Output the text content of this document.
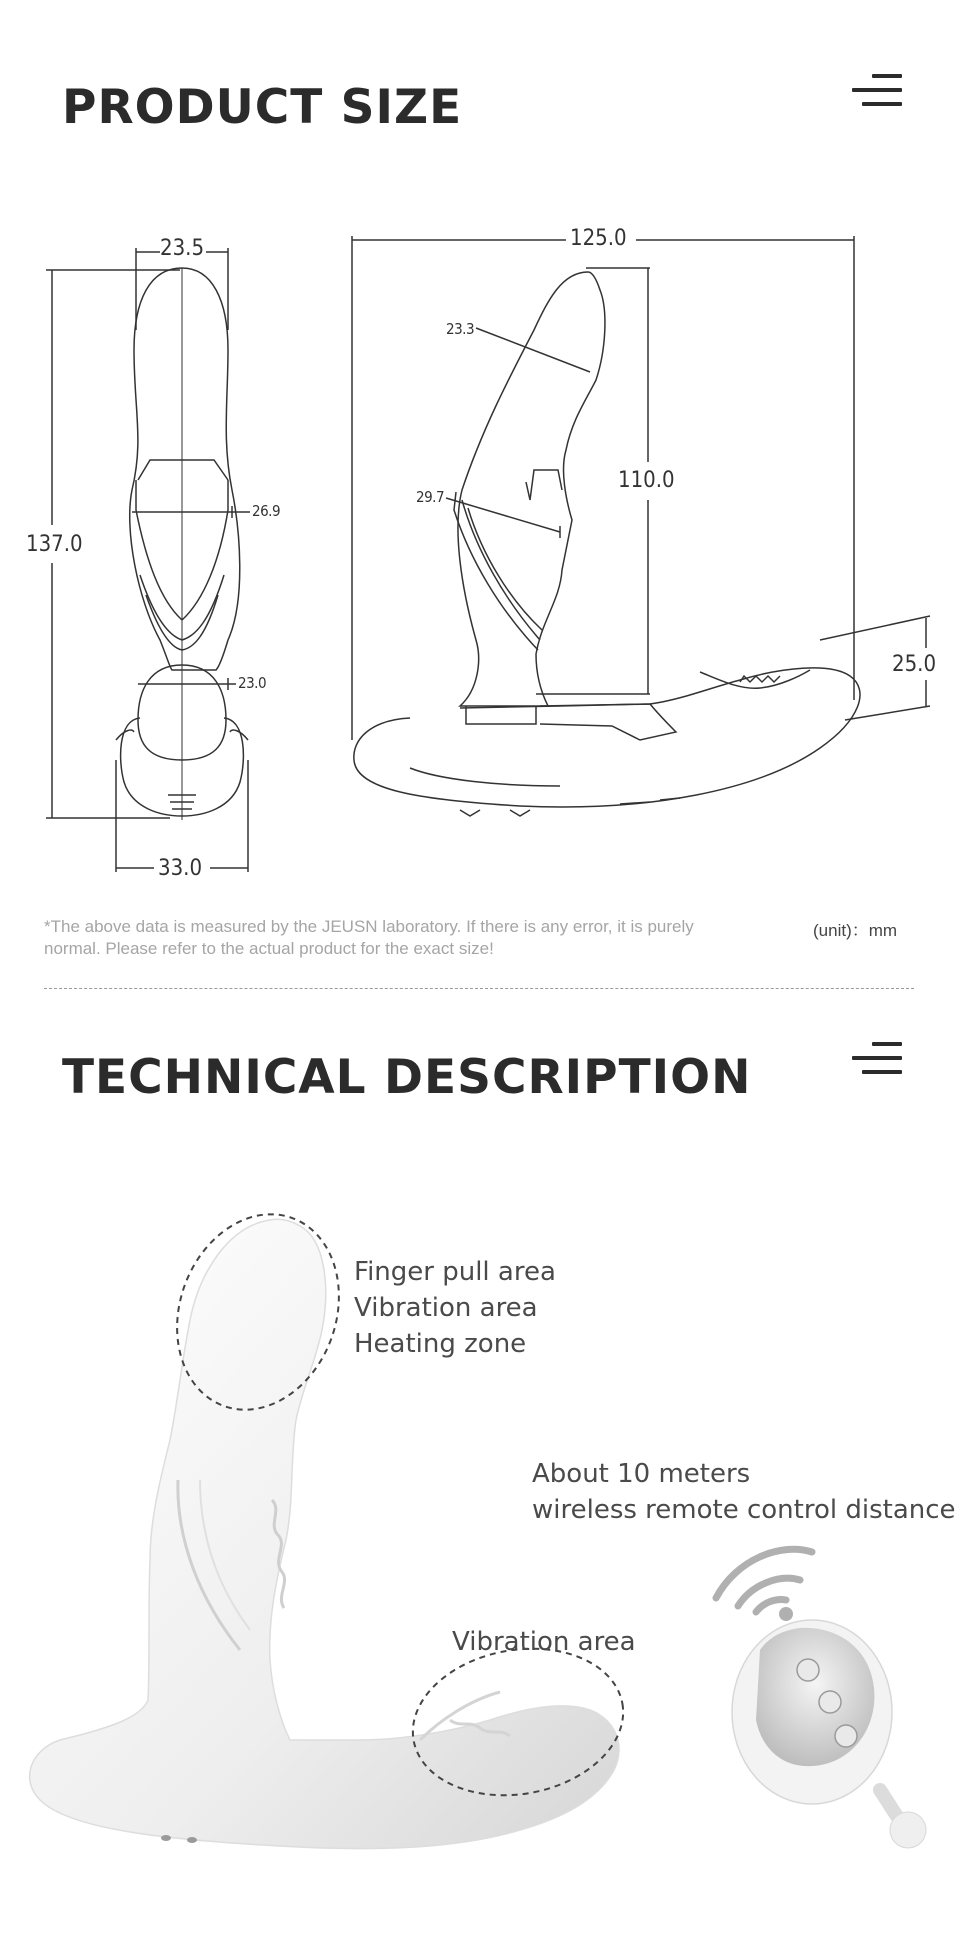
PRODUCT SIZE
23.5
137.0
26.9
23.0
33.0
125.0
23.3
110.0
29.7
25.0
*The above data is measured by the JEUSN laboratory. If there is any error, it is purely normal. Please refer to the actual product for the exact size!
(unit)：mm
TECHNICAL DESCRIPTION
Finger pull area
Vibration area
Heating zone
About 10 meters
wireless remote control distance
Vibration area
